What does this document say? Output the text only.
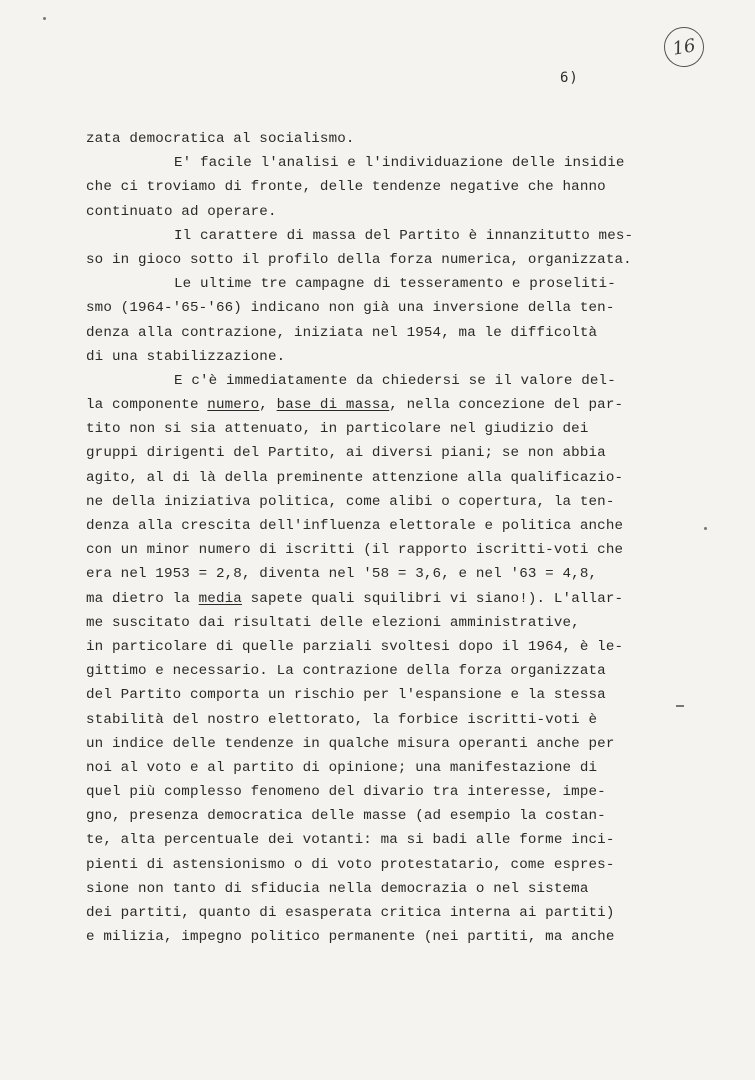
6)
16
zata democratica al socialismo.
E' facile l'analisi e l'individuazione delle insidie
che ci troviamo di fronte, delle tendenze negative che hanno
continuato ad operare.
Il carattere di massa del Partito è innanzitutto mes-
so in gioco sotto il profilo della forza numerica, organizzata.
Le ultime tre campagne di tesseramento e proseliti-
smo (1964-'65-'66) indicano non già una inversione della ten-
denza alla contrazione, iniziata nel 1954, ma le difficoltà
di una stabilizzazione.
E c'è immediatamente da chiedersi se il valore del-
la componente numero, base di massa, nella concezione del par-
tito non si sia attenuato, in particolare nel giudizio dei
gruppi dirigenti del Partito, ai diversi piani; se non abbia
agito, al di là della preminente attenzione alla qualificazio-
ne della iniziativa politica, come alibi o copertura, la ten-
denza alla crescita dell'influenza elettorale e politica anche
con un minor numero di iscritti (il rapporto iscritti-voti che
era nel 1953 = 2,8, diventa nel '58 = 3,6, e nel '63 = 4,8,
ma dietro la media sapete quali squilibri vi siano!). L'allar-
me suscitato dai risultati delle elezioni amministrative,
in particolare di quelle parziali svoltesi dopo il 1964, è le-
gittimo e necessario. La contrazione della forza organizzata
del Partito comporta un rischio per l'espansione e la stessa
stabilità del nostro elettorato, la forbice iscritti-voti è
un indice delle tendenze in qualche misura operanti anche per
noi al voto e al partito di opinione; una manifestazione di
quel più complesso fenomeno del divario tra interesse, impe-
gno, presenza democratica delle masse (ad esempio la costan-
te, alta percentuale dei votanti: ma si badi alle forme inci-
pienti di astensionismo o di voto protestatario, come espres-
sione non tanto di sfiducia nella democrazia o nel sistema
dei partiti, quanto di esasperata critica interna ai partiti)
e milizia, impegno politico permanente (nei partiti, ma anche
